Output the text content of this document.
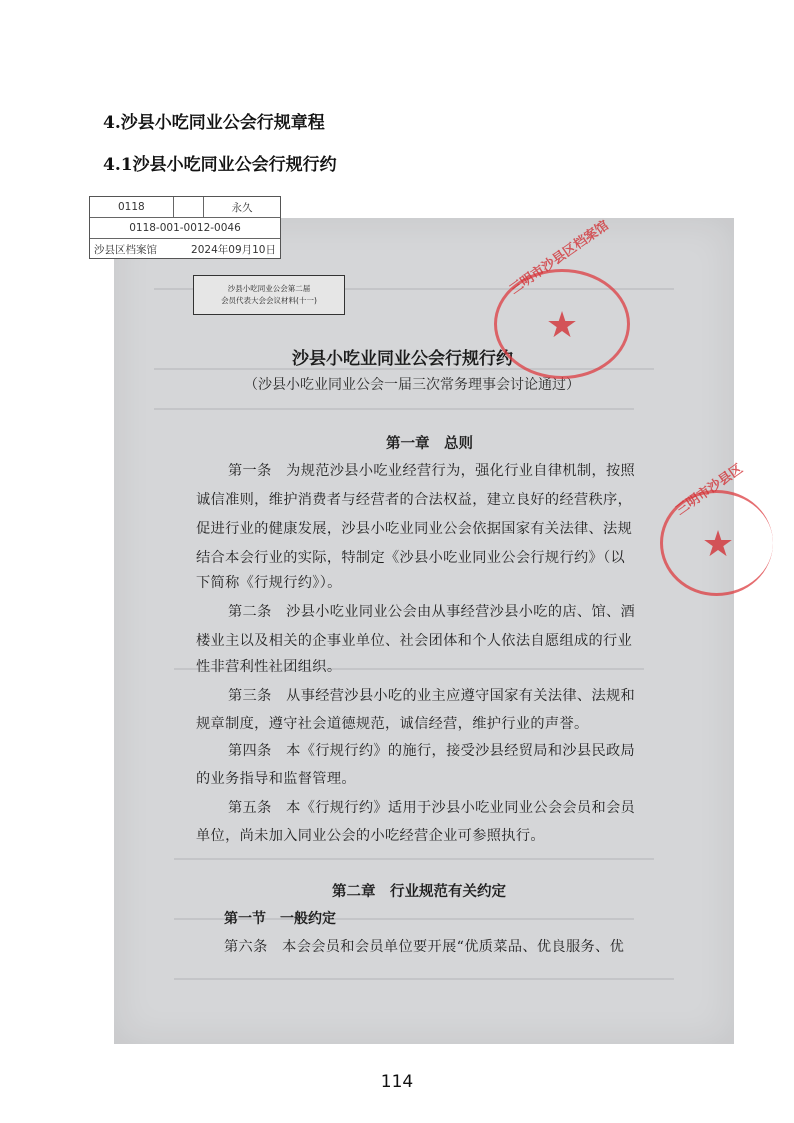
4.沙县小吃同业公会行规章程
4.1沙县小吃同业公会行规行约
0118	永久
0118-001-0012-0046
沙县区档案馆	2024年09月10日
沙县小吃同业公会第二届
会员代表大会会议材料(十一)
沙县小吃业同业公会行规行约
（沙县小吃业同业公会一届三次常务理事会讨论通过）
第一章　总则
第一条　为规范沙县小吃业经营行为，强化行业自律机制，按照
诚信准则，维护消费者与经营者的合法权益，建立良好的经营秩序，
促进行业的健康发展，沙县小吃业同业公会依据国家有关法律、法规
结合本会行业的实际，特制定《沙县小吃业同业公会行规行约》（以
下简称《行规行约》）。
第二条　沙县小吃业同业公会由从事经营沙县小吃的店、馆、酒
楼业主以及相关的企事业单位、社会团体和个人依法自愿组成的行业
性非营利性社团组织。
第三条　从事经营沙县小吃的业主应遵守国家有关法律、法规和
规章制度，遵守社会道德规范，诚信经营，维护行业的声誉。
第四条　本《行规行约》的施行，接受沙县经贸局和沙县民政局
的业务指导和监督管理。
第五条　本《行规行约》适用于沙县小吃业同业公会会员和会员
单位，尚未加入同业公会的小吃经营企业可参照执行。
第二章　行业规范有关约定
第一节　一般约定
第六条　本会会员和会员单位要开展“优质菜品、优良服务、优
三明市沙县区档案馆
★
三明市沙县区
★
114
